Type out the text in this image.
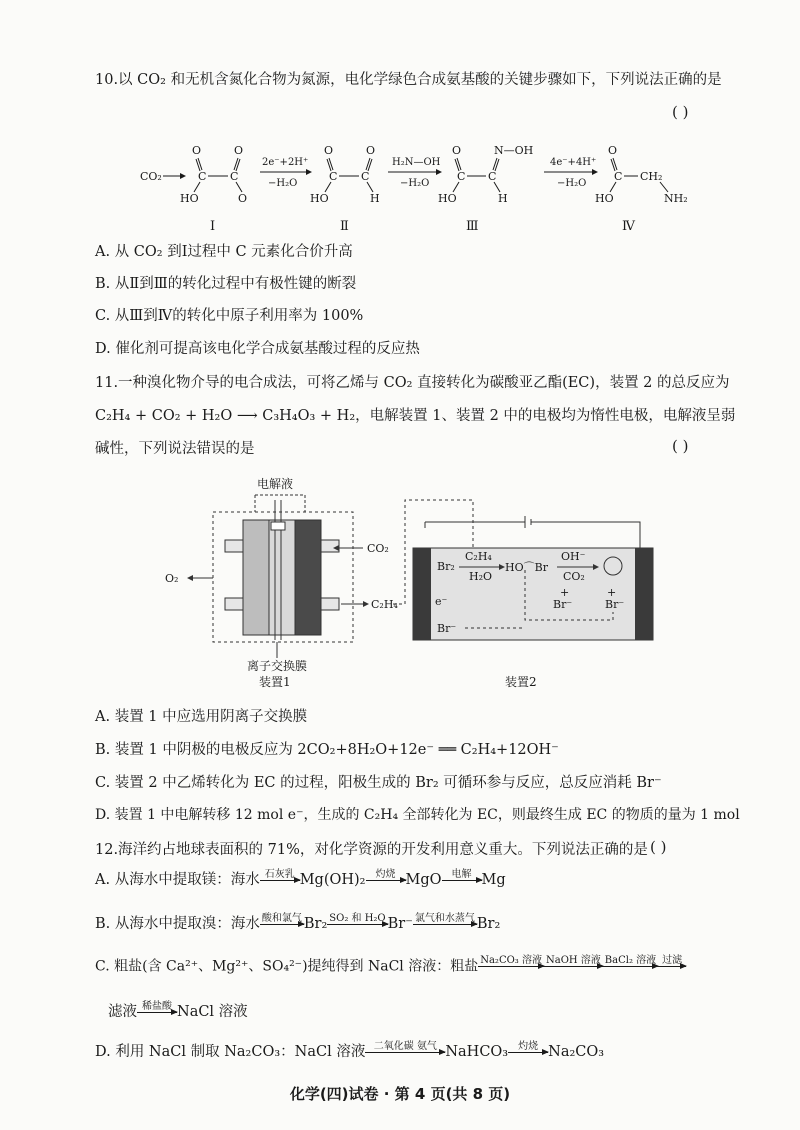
10.以 CO₂ 和无机含氮化合物为氮源，电化学绿色合成氨基酸的关键步骤如下，下列说法正确的是
( )
CO₂
O	O
C C
HO	O
Ⅰ
2e⁻+2H⁺
−H₂O
O	O
C C
HO	H
Ⅱ
H₂N—OH
−H₂O
O	N—OH
C C
HO	H
Ⅲ
4e⁻+4H⁺
−H₂O
O
C CH₂
HO	NH₂
Ⅳ
A. 从 CO₂ 到Ⅰ过程中 C 元素化合价升高
B. 从Ⅱ到Ⅲ的转化过程中有极性键的断裂
C. 从Ⅲ到Ⅳ的转化中原子利用率为 100%
D. 催化剂可提高该电化学合成氨基酸过程的反应热
11.一种溴化物介导的电合成法，可将乙烯与 CO₂ 直接转化为碳酸亚乙酯(EC)，装置 2 的总反应为
C₂H₄ + CO₂ + H₂O ⟶ C₃H₄O₃ + H₂，电解装置 1、装置 2 中的电极均为惰性电极，电解液呈弱
碱性，下列说法错误的是	( )
电解液
CO₂
O₂
C₂H₄
离子交换膜
装置1
Br₂
C₂H₄
H₂O
HO⌒Br
OH⁻
CO₂
+
Br⁻
+
Br⁻
e⁻
Br⁻
装置2
A. 装置 1 中应选用阴离子交换膜
B. 装置 1 中阴极的电极反应为 2CO₂+8H₂O+12e⁻ ══ C₂H₄+12OH⁻
C. 装置 2 中乙烯转化为 EC 的过程，阳极生成的 Br₂ 可循环参与反应，总反应消耗 Br⁻
D. 装置 1 中电解转移 12 mol e⁻，生成的 C₂H₄ 全部转化为 EC，则最终生成 EC 的物质的量为 1 mol
12.海洋约占地球表面积的 71%，对化学资源的开发利用意义重大。下列说法正确的是 ( )
A. 从海水中提取镁：海水 石灰乳 Mg(OH)₂	灼烧 MgO	电解 Mg
B. 从海水中提取溴：海水 酸和氯气 Br₂ SO₂ 和 H₂O Br⁻ 氯气和水蒸气 Br₂
C. 粗盐(含 Ca²⁺、Mg²⁺、SO₄²⁻)提纯得到 NaCl 溶液：粗盐 Na₂CO₃ 溶液 NaOH 溶液 BaCl₂ 溶液 过滤
滤液 稀盐酸 NaCl 溶液
D. 利用 NaCl 制取 Na₂CO₃：NaCl 溶液 二氧化碳 氨气 NaHCO₃	灼烧 Na₂CO₃
化学(四)试卷 · 第 4 页(共 8 页)
